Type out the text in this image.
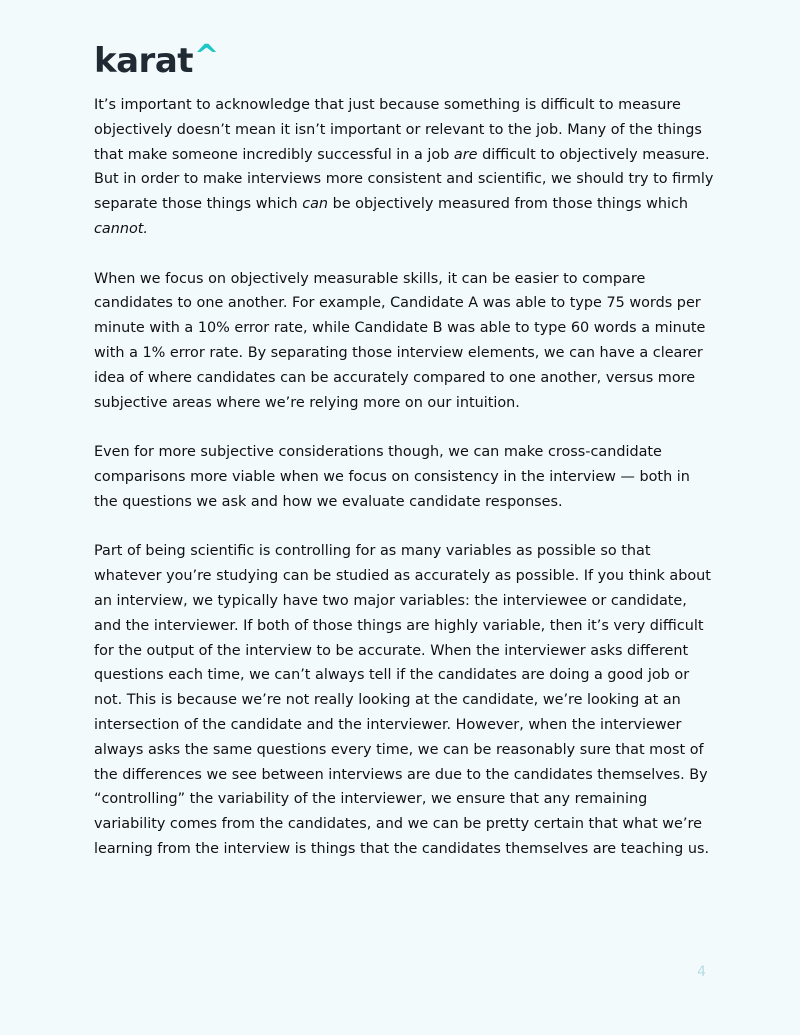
karat^

It’s important to acknowledge that just because something is difficult to measure objectively doesn’t mean it isn’t important or relevant to the job. Many of the things that make someone incredibly successful in a job are difficult to objectively measure. But in order to make interviews more consistent and scientific, we should try to firmly separate those things which can be objectively measured from those things which cannot.

When we focus on objectively measurable skills, it can be easier to compare candidates to one another. For example, Candidate A was able to type 75 words per minute with a 10% error rate, while Candidate B was able to type 60 words a minute with a 1% error rate. By separating those interview elements, we can have a clearer idea of where candidates can be accurately compared to one another, versus more subjective areas where we’re relying more on our intuition.

Even for more subjective considerations though, we can make cross-candidate comparisons more viable when we focus on consistency in the interview — both in the questions we ask and how we evaluate candidate responses.

Part of being scientific is controlling for as many variables as possible so that whatever you’re studying can be studied as accurately as possible. If you think about an interview, we typically have two major variables: the interviewee or candidate, and the interviewer. If both of those things are highly variable, then it’s very difficult for the output of the interview to be accurate. When the interviewer asks different questions each time, we can’t always tell if the candidates are doing a good job or not. This is because we’re not really looking at the candidate, we’re looking at an intersection of the candidate and the interviewer. However, when the interviewer always asks the same questions every time, we can be reasonably sure that most of the differences we see between interviews are due to the candidates themselves. By “controlling” the variability of the interviewer, we ensure that any remaining variability comes from the candidates, and we can be pretty certain that what we’re learning from the interview is things that the candidates themselves are teaching us.

4
